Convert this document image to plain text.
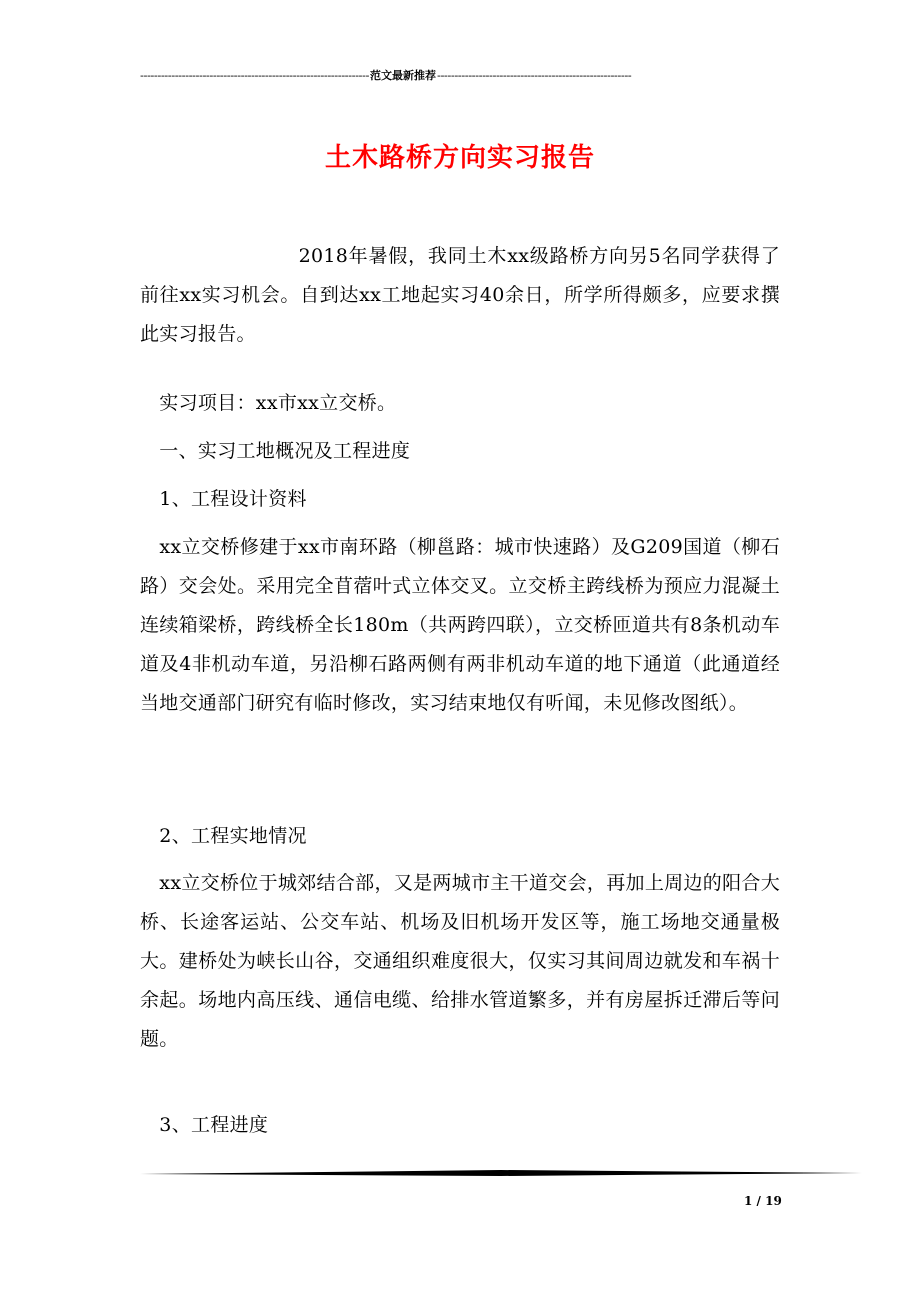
------------------------------------------------------------------范文最新推荐--------------------------------------------------------
土木路桥方向实习报告

　　　　　　　　2018年暑假，我同土木xx级路桥方向另5名同学获得了前往xx实习机会。自到达xx工地起实习40余日，所学所得颇多，应要求撰此实习报告。

　实习项目：xx市xx立交桥。

　一、实习工地概况及工程进度

　1、工程设计资料

　xx立交桥修建于xx市南环路（柳邕路：城市快速路）及G209国道（柳石路）交会处。采用完全苜蓿叶式立体交叉。立交桥主跨线桥为预应力混凝土连续箱梁桥，跨线桥全长180m（共两跨四联），立交桥匝道共有8条机动车道及4非机动车道，另沿柳石路两侧有两非机动车道的地下通道（此通道经当地交通部门研究有临时修改，实习结束地仅有听闻，未见修改图纸）。

　2、工程实地情况

　xx立交桥位于城郊结合部，又是两城市主干道交会，再加上周边的阳合大桥、长途客运站、公交车站、机场及旧机场开发区等，施工场地交通量极大。建桥处为峡长山谷，交通组织难度很大，仅实习其间周边就发和车祸十余起。场地内高压线、通信电缆、给排水管道繁多，并有房屋拆迁滞后等问题。

　3、工程进度

1 / 19
